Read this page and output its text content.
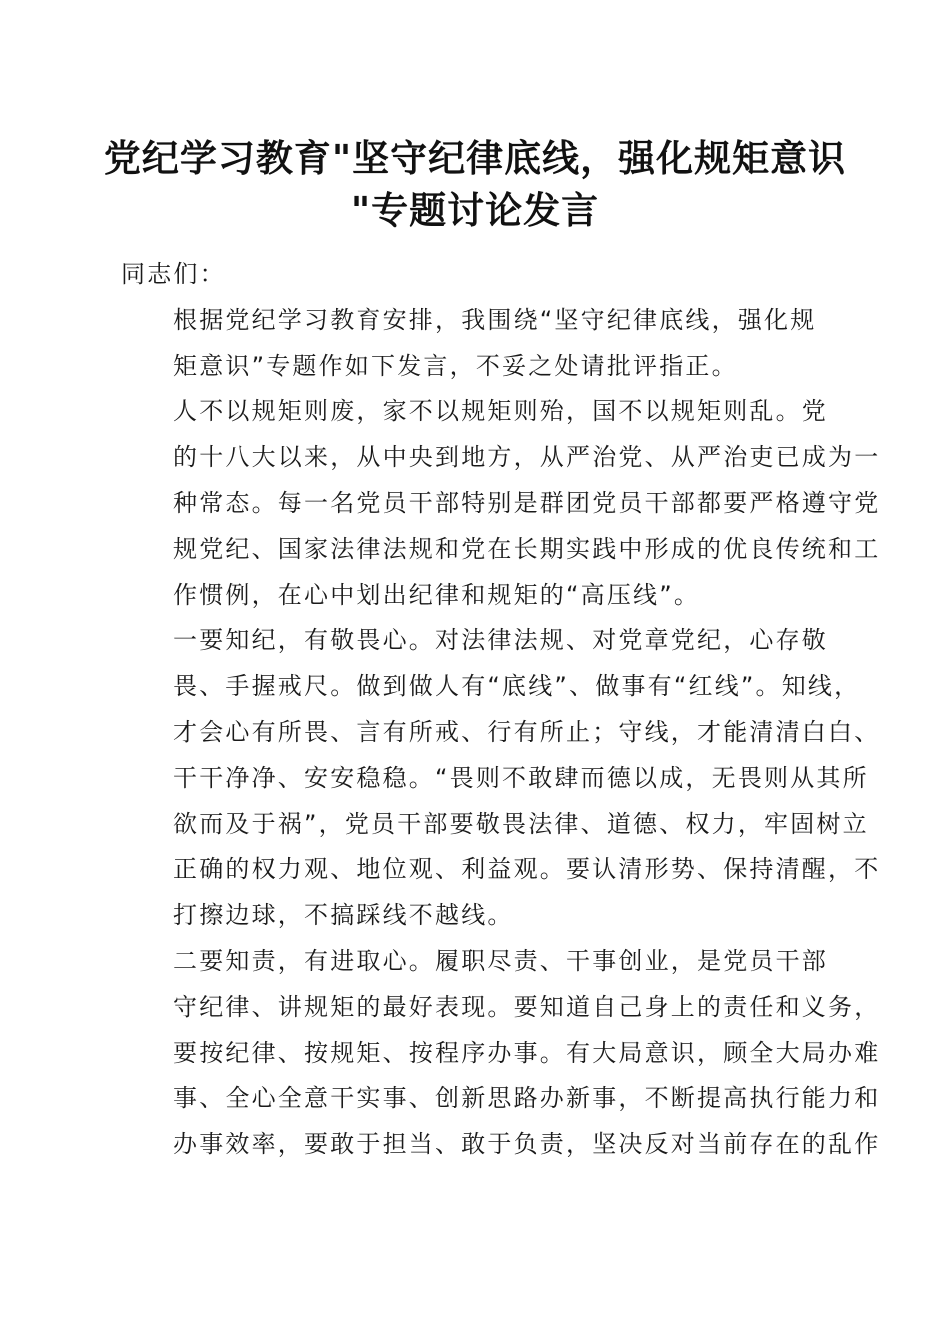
党纪学习教育"坚守纪律底线，强化规矩意识
"专题讨论发言

同志们：

根据党纪学习教育安排，我围绕“坚守纪律底线，强化规
矩意识”专题作如下发言，不妥之处请批评指正。

人不以规矩则废，家不以规矩则殆，国不以规矩则乱。党
的十八大以来，从中央到地方，从严治党、从严治吏已成为一
种常态。每一名党员干部特别是群团党员干部都要严格遵守党
规党纪、国家法律法规和党在长期实践中形成的优良传统和工
作惯例，在心中划出纪律和规矩的“高压线”。

一要知纪，有敬畏心。对法律法规、对党章党纪，心存敬
畏、手握戒尺。做到做人有“底线”、做事有“红线”。知线，
才会心有所畏、言有所戒、行有所止；守线，才能清清白白、
干干净净、安安稳稳。“畏则不敢肆而德以成，无畏则从其所
欲而及于祸”，党员干部要敬畏法律、道德、权力，牢固树立
正确的权力观、地位观、利益观。要认清形势、保持清醒，不
打擦边球，不搞踩线不越线。

二要知责，有进取心。履职尽责、干事创业，是党员干部
守纪律、讲规矩的最好表现。要知道自己身上的责任和义务，
要按纪律、按规矩、按程序办事。有大局意识，顾全大局办难
事、全心全意干实事、创新思路办新事，不断提高执行能力和
办事效率，要敢于担当、敢于负责，坚决反对当前存在的乱作
